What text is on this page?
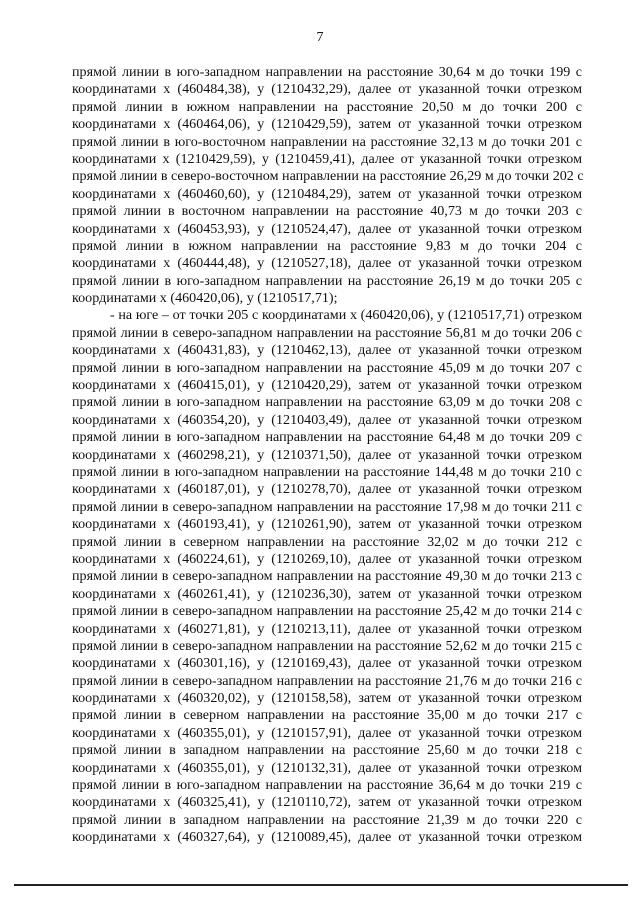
7
прямой линии в юго-западном направлении на расстояние 30,64 м до точки 199 с
координатами x (460484,38), y (1210432,29), далее от указанной точки отрезком
прямой линии в южном направлении на расстояние 20,50 м до точки 200 с
координатами x (460464,06), y (1210429,59), затем от указанной точки отрезком
прямой линии в юго-восточном направлении на расстояние 32,13 м до точки 201 с
координатами x (1210429,59), y (1210459,41), далее от указанной точки отрезком
прямой линии в северо-восточном направлении на расстояние 26,29 м до точки 202 с
координатами x (460460,60), y (1210484,29), затем от указанной точки отрезком
прямой линии в восточном направлении на расстояние 40,73 м до точки 203 с
координатами x (460453,93), y (1210524,47), далее от указанной точки отрезком
прямой линии в южном направлении на расстояние 9,83 м до точки 204 с
координатами x (460444,48), y (1210527,18), далее от указанной точки отрезком
прямой линии в юго-западном направлении на расстояние 26,19 м до точки 205 с
координатами x (460420,06), y (1210517,71);
- на юге – от точки 205 с координатами x (460420,06), y (1210517,71) отрезком
прямой линии в северо-западном направлении на расстояние 56,81 м до точки 206 с
координатами x (460431,83), y (1210462,13), далее от указанной точки отрезком
прямой линии в юго-западном направлении на расстояние 45,09 м до точки 207 с
координатами x (460415,01), y (1210420,29), затем от указанной точки отрезком
прямой линии в юго-западном направлении на расстояние 63,09 м до точки 208 с
координатами x (460354,20), y (1210403,49), далее от указанной точки отрезком
прямой линии в юго-западном направлении на расстояние 64,48 м до точки 209 с
координатами x (460298,21), y (1210371,50), далее от указанной точки отрезком
прямой линии в юго-западном направлении на расстояние 144,48 м до точки 210 с
координатами x (460187,01), y (1210278,70), далее от указанной точки отрезком
прямой линии в северо-западном направлении на расстояние 17,98 м до точки 211 с
координатами x (460193,41), y (1210261,90), затем от указанной точки отрезком
прямой линии в северном направлении на расстояние 32,02 м до точки 212 с
координатами x (460224,61), y (1210269,10), далее от указанной точки отрезком
прямой линии в северо-западном направлении на расстояние 49,30 м до точки 213 с
координатами x (460261,41), y (1210236,30), затем от указанной точки отрезком
прямой линии в северо-западном направлении на расстояние 25,42 м до точки 214 с
координатами x (460271,81), y (1210213,11), далее от указанной точки отрезком
прямой линии в северо-западном направлении на расстояние 52,62 м до точки 215 с
координатами x (460301,16), y (1210169,43), далее от указанной точки отрезком
прямой линии в северо-западном направлении на расстояние 21,76 м до точки 216 с
координатами x (460320,02), y (1210158,58), затем от указанной точки отрезком
прямой линии в северном направлении на расстояние 35,00 м до точки 217 с
координатами x (460355,01), y (1210157,91), далее от указанной точки отрезком
прямой линии в западном направлении на расстояние 25,60 м до точки 218 с
координатами x (460355,01), y (1210132,31), далее от указанной точки отрезком
прямой линии в юго-западном направлении на расстояние 36,64 м до точки 219 с
координатами x (460325,41), y (1210110,72), затем от указанной точки отрезком
прямой линии в западном направлении на расстояние 21,39 м до точки 220 с
координатами x (460327,64), y (1210089,45), далее от указанной точки отрезком
